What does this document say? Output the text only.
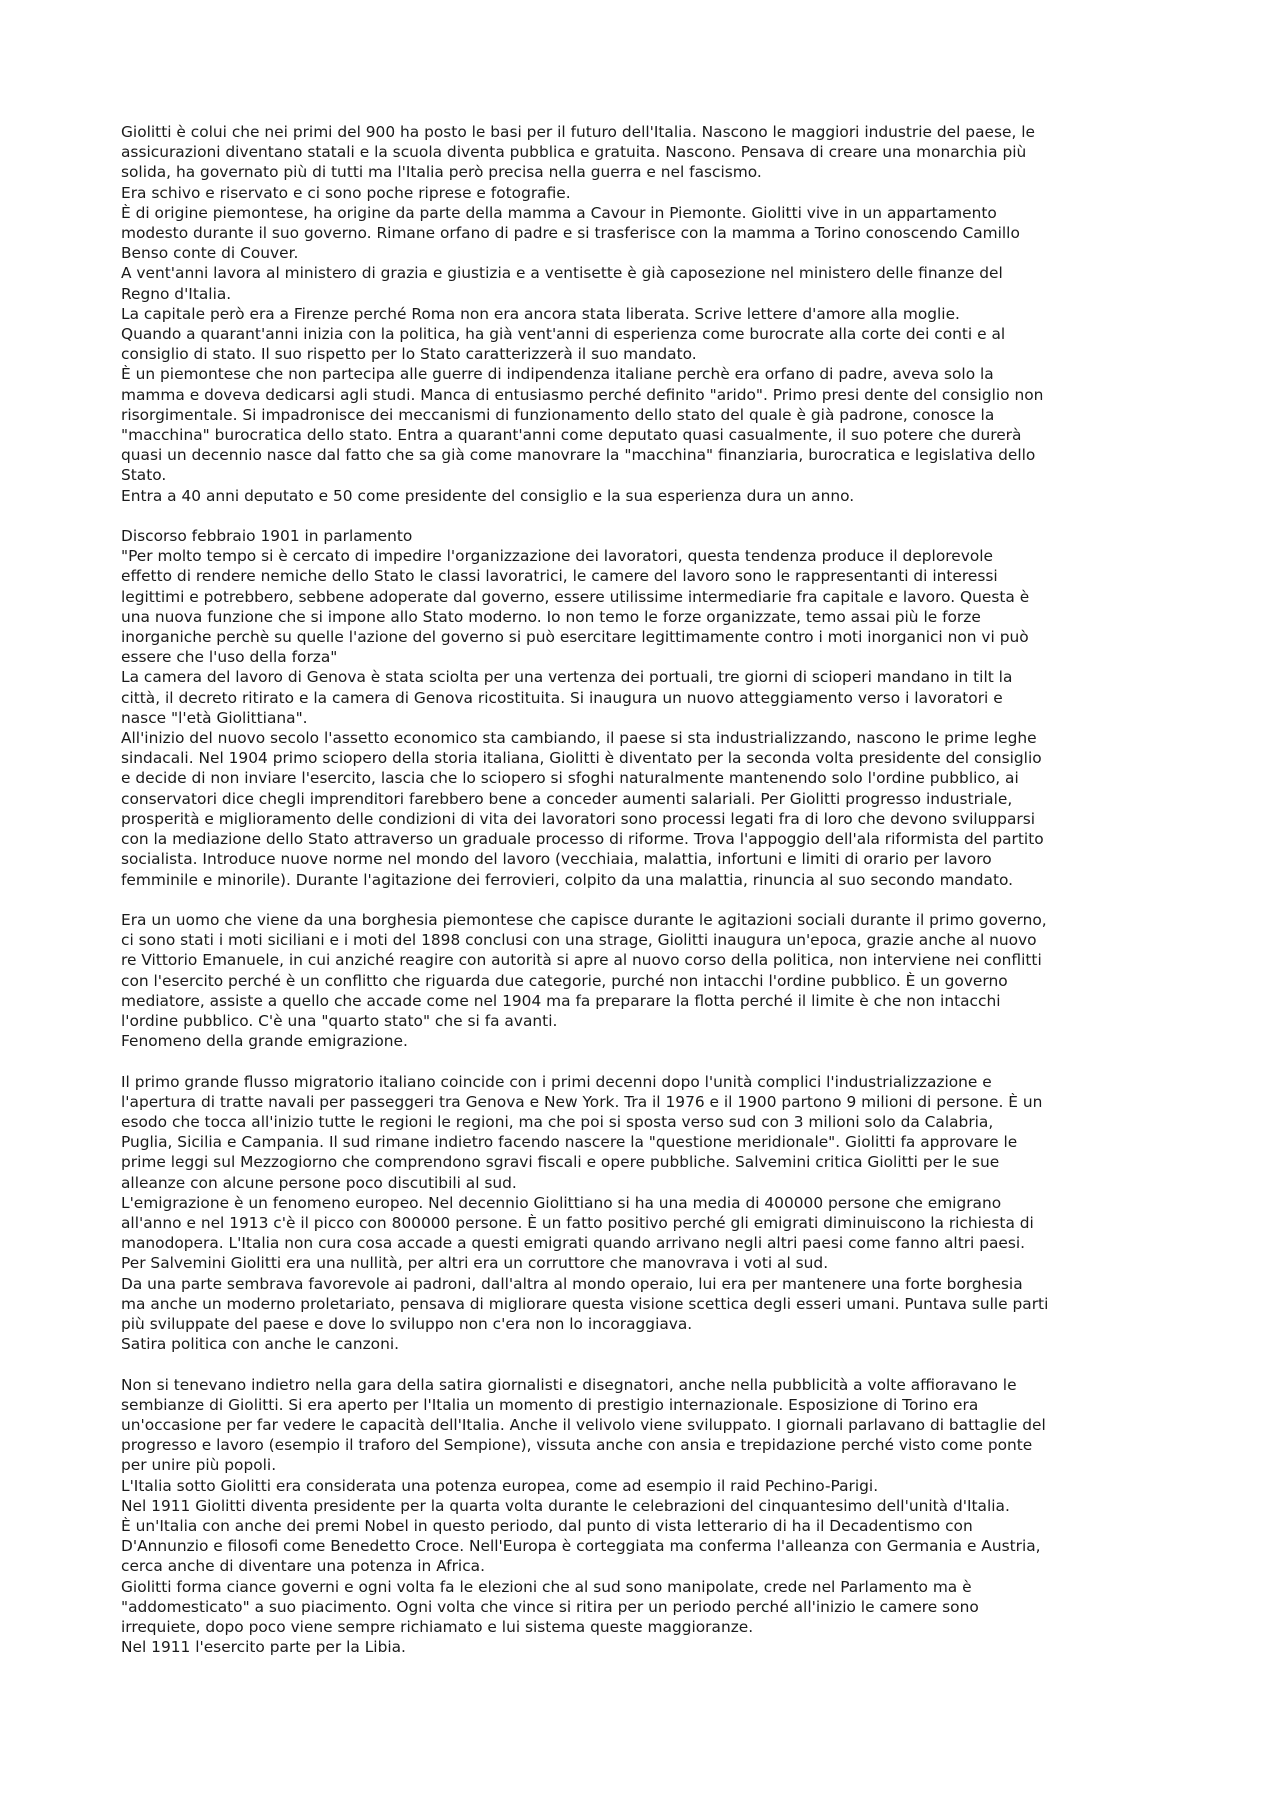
Giolitti è colui che nei primi del 900 ha posto le basi per il futuro dell'Italia. Nascono le maggiori industrie del paese, le
assicurazioni diventano statali e la scuola diventa pubblica e gratuita. Nascono. Pensava di creare una monarchia più
solida, ha governato più di tutti ma l'Italia però precisa nella guerra e nel fascismo.
Era schivo e riservato e ci sono poche riprese e fotografie.
È di origine piemontese, ha origine da parte della mamma a Cavour in Piemonte. Giolitti vive in un appartamento
modesto durante il suo governo. Rimane orfano di padre e si trasferisce con la mamma a Torino conoscendo Camillo
Benso conte di Couver.
A vent'anni lavora al ministero di grazia e giustizia e a ventisette è già caposezione nel ministero delle finanze del
Regno d'Italia.
La capitale però era a Firenze perché Roma non era ancora stata liberata. Scrive lettere d'amore alla moglie.
Quando a quarant'anni inizia con la politica, ha già vent'anni di esperienza come burocrate alla corte dei conti e al
consiglio di stato. Il suo rispetto per lo Stato caratterizzerà il suo mandato.
È un piemontese che non partecipa alle guerre di indipendenza italiane perchè era orfano di padre, aveva solo la
mamma e doveva dedicarsi agli studi. Manca di entusiasmo perché definito "arido". Primo presi dente del consiglio non
risorgimentale. Si impadronisce dei meccanismi di funzionamento dello stato del quale è già padrone, conosce la
"macchina" burocratica dello stato. Entra a quarant'anni come deputato quasi casualmente, il suo potere che durerà
quasi un decennio nasce dal fatto che sa già come manovrare la "macchina" finanziaria, burocratica e legislativa dello
Stato.
Entra a 40 anni deputato e 50 come presidente del consiglio e la sua esperienza dura un anno.
Discorso febbraio 1901 in parlamento
"Per molto tempo si è cercato di impedire l'organizzazione dei lavoratori, questa tendenza produce il deplorevole
effetto di rendere nemiche dello Stato le classi lavoratrici, le camere del lavoro sono le rappresentanti di interessi
legittimi e potrebbero, sebbene adoperate dal governo, essere utilissime intermediarie fra capitale e lavoro. Questa è
una nuova funzione che si impone allo Stato moderno. Io non temo le forze organizzate, temo assai più le forze
inorganiche perchè su quelle l'azione del governo si può esercitare legittimamente contro i moti inorganici non vi può
essere che l'uso della forza"
La camera del lavoro di Genova è stata sciolta per una vertenza dei portuali, tre giorni di scioperi mandano in tilt la
città, il decreto ritirato e la camera di Genova ricostituita. Si inaugura un nuovo atteggiamento verso i lavoratori e
nasce "l'età Giolittiana".
All'inizio del nuovo secolo l'assetto economico sta cambiando, il paese si sta industrializzando, nascono le prime leghe
sindacali. Nel 1904 primo sciopero della storia italiana, Giolitti è diventato per la seconda volta presidente del consiglio
e decide di non inviare l'esercito, lascia che lo sciopero si sfoghi naturalmente mantenendo solo l'ordine pubblico, ai
conservatori dice chegli imprenditori farebbero bene a conceder aumenti salariali. Per Giolitti progresso industriale,
prosperità e miglioramento delle condizioni di vita dei lavoratori sono processi legati fra di loro che devono svilupparsi
con la mediazione dello Stato attraverso un graduale processo di riforme. Trova l'appoggio dell'ala riformista del partito
socialista. Introduce nuove norme nel mondo del lavoro (vecchiaia, malattia, infortuni e limiti di orario per lavoro
femminile e minorile). Durante l'agitazione dei ferrovieri, colpito da una malattia, rinuncia al suo secondo mandato.
Era un uomo che viene da una borghesia piemontese che capisce durante le agitazioni sociali durante il primo governo,
ci sono stati i moti siciliani e i moti del 1898 conclusi con una strage, Giolitti inaugura un'epoca, grazie anche al nuovo
re Vittorio Emanuele, in cui anziché reagire con autorità si apre al nuovo corso della politica, non interviene nei conflitti
con l'esercito perché è un conflitto che riguarda due categorie, purché non intacchi l'ordine pubblico. È un governo
mediatore, assiste a quello che accade come nel 1904 ma fa preparare la flotta perché il limite è che non intacchi
l'ordine pubblico. C'è una "quarto stato" che si fa avanti.
Fenomeno della grande emigrazione.
Il primo grande flusso migratorio italiano coincide con i primi decenni dopo l'unità complici l'industrializzazione e
l'apertura di tratte navali per passeggeri tra Genova e New York. Tra il 1976 e il 1900 partono 9 milioni di persone. È un
esodo che tocca all'inizio tutte le regioni le regioni, ma che poi si sposta verso sud con 3 milioni solo da Calabria,
Puglia, Sicilia e Campania. Il sud rimane indietro facendo nascere la "questione meridionale". Giolitti fa approvare le
prime leggi sul Mezzogiorno che comprendono sgravi fiscali e opere pubbliche. Salvemini critica Giolitti per le sue
alleanze con alcune persone poco discutibili al sud.
L'emigrazione è un fenomeno europeo. Nel decennio Giolittiano si ha una media di 400000 persone che emigrano
all'anno e nel 1913 c'è il picco con 800000 persone. È un fatto positivo perché gli emigrati diminuiscono la richiesta di
manodopera. L'Italia non cura cosa accade a questi emigrati quando arrivano negli altri paesi come fanno altri paesi.
Per Salvemini Giolitti era una nullità, per altri era un corruttore che manovrava i voti al sud.
Da una parte sembrava favorevole ai padroni, dall'altra al mondo operaio, lui era per mantenere una forte borghesia
ma anche un moderno proletariato, pensava di migliorare questa visione scettica degli esseri umani. Puntava sulle parti
più sviluppate del paese e dove lo sviluppo non c'era non lo incoraggiava.
Satira politica con anche le canzoni.
Non si tenevano indietro nella gara della satira giornalisti e disegnatori, anche nella pubblicità a volte affioravano le
sembianze di Giolitti. Si era aperto per l'Italia un momento di prestigio internazionale. Esposizione di Torino era
un'occasione per far vedere le capacità dell'Italia. Anche il velivolo viene sviluppato. I giornali parlavano di battaglie del
progresso e lavoro (esempio il traforo del Sempione), vissuta anche con ansia e trepidazione perché visto come ponte
per unire più popoli.
L'Italia sotto Giolitti era considerata una potenza europea, come ad esempio il raid Pechino-Parigi.
Nel 1911 Giolitti diventa presidente per la quarta volta durante le celebrazioni del cinquantesimo dell'unità d'Italia.
È un'Italia con anche dei premi Nobel in questo periodo, dal punto di vista letterario di ha il Decadentismo con
D'Annunzio e filosofi come Benedetto Croce. Nell'Europa è corteggiata ma conferma l'alleanza con Germania e Austria,
cerca anche di diventare una potenza in Africa.
Giolitti forma ciance governi e ogni volta fa le elezioni che al sud sono manipolate, crede nel Parlamento ma è
"addomesticato" a suo piacimento. Ogni volta che vince si ritira per un periodo perché all'inizio le camere sono
irrequiete, dopo poco viene sempre richiamato e lui sistema queste maggioranze.
Nel 1911 l'esercito parte per la Libia.
